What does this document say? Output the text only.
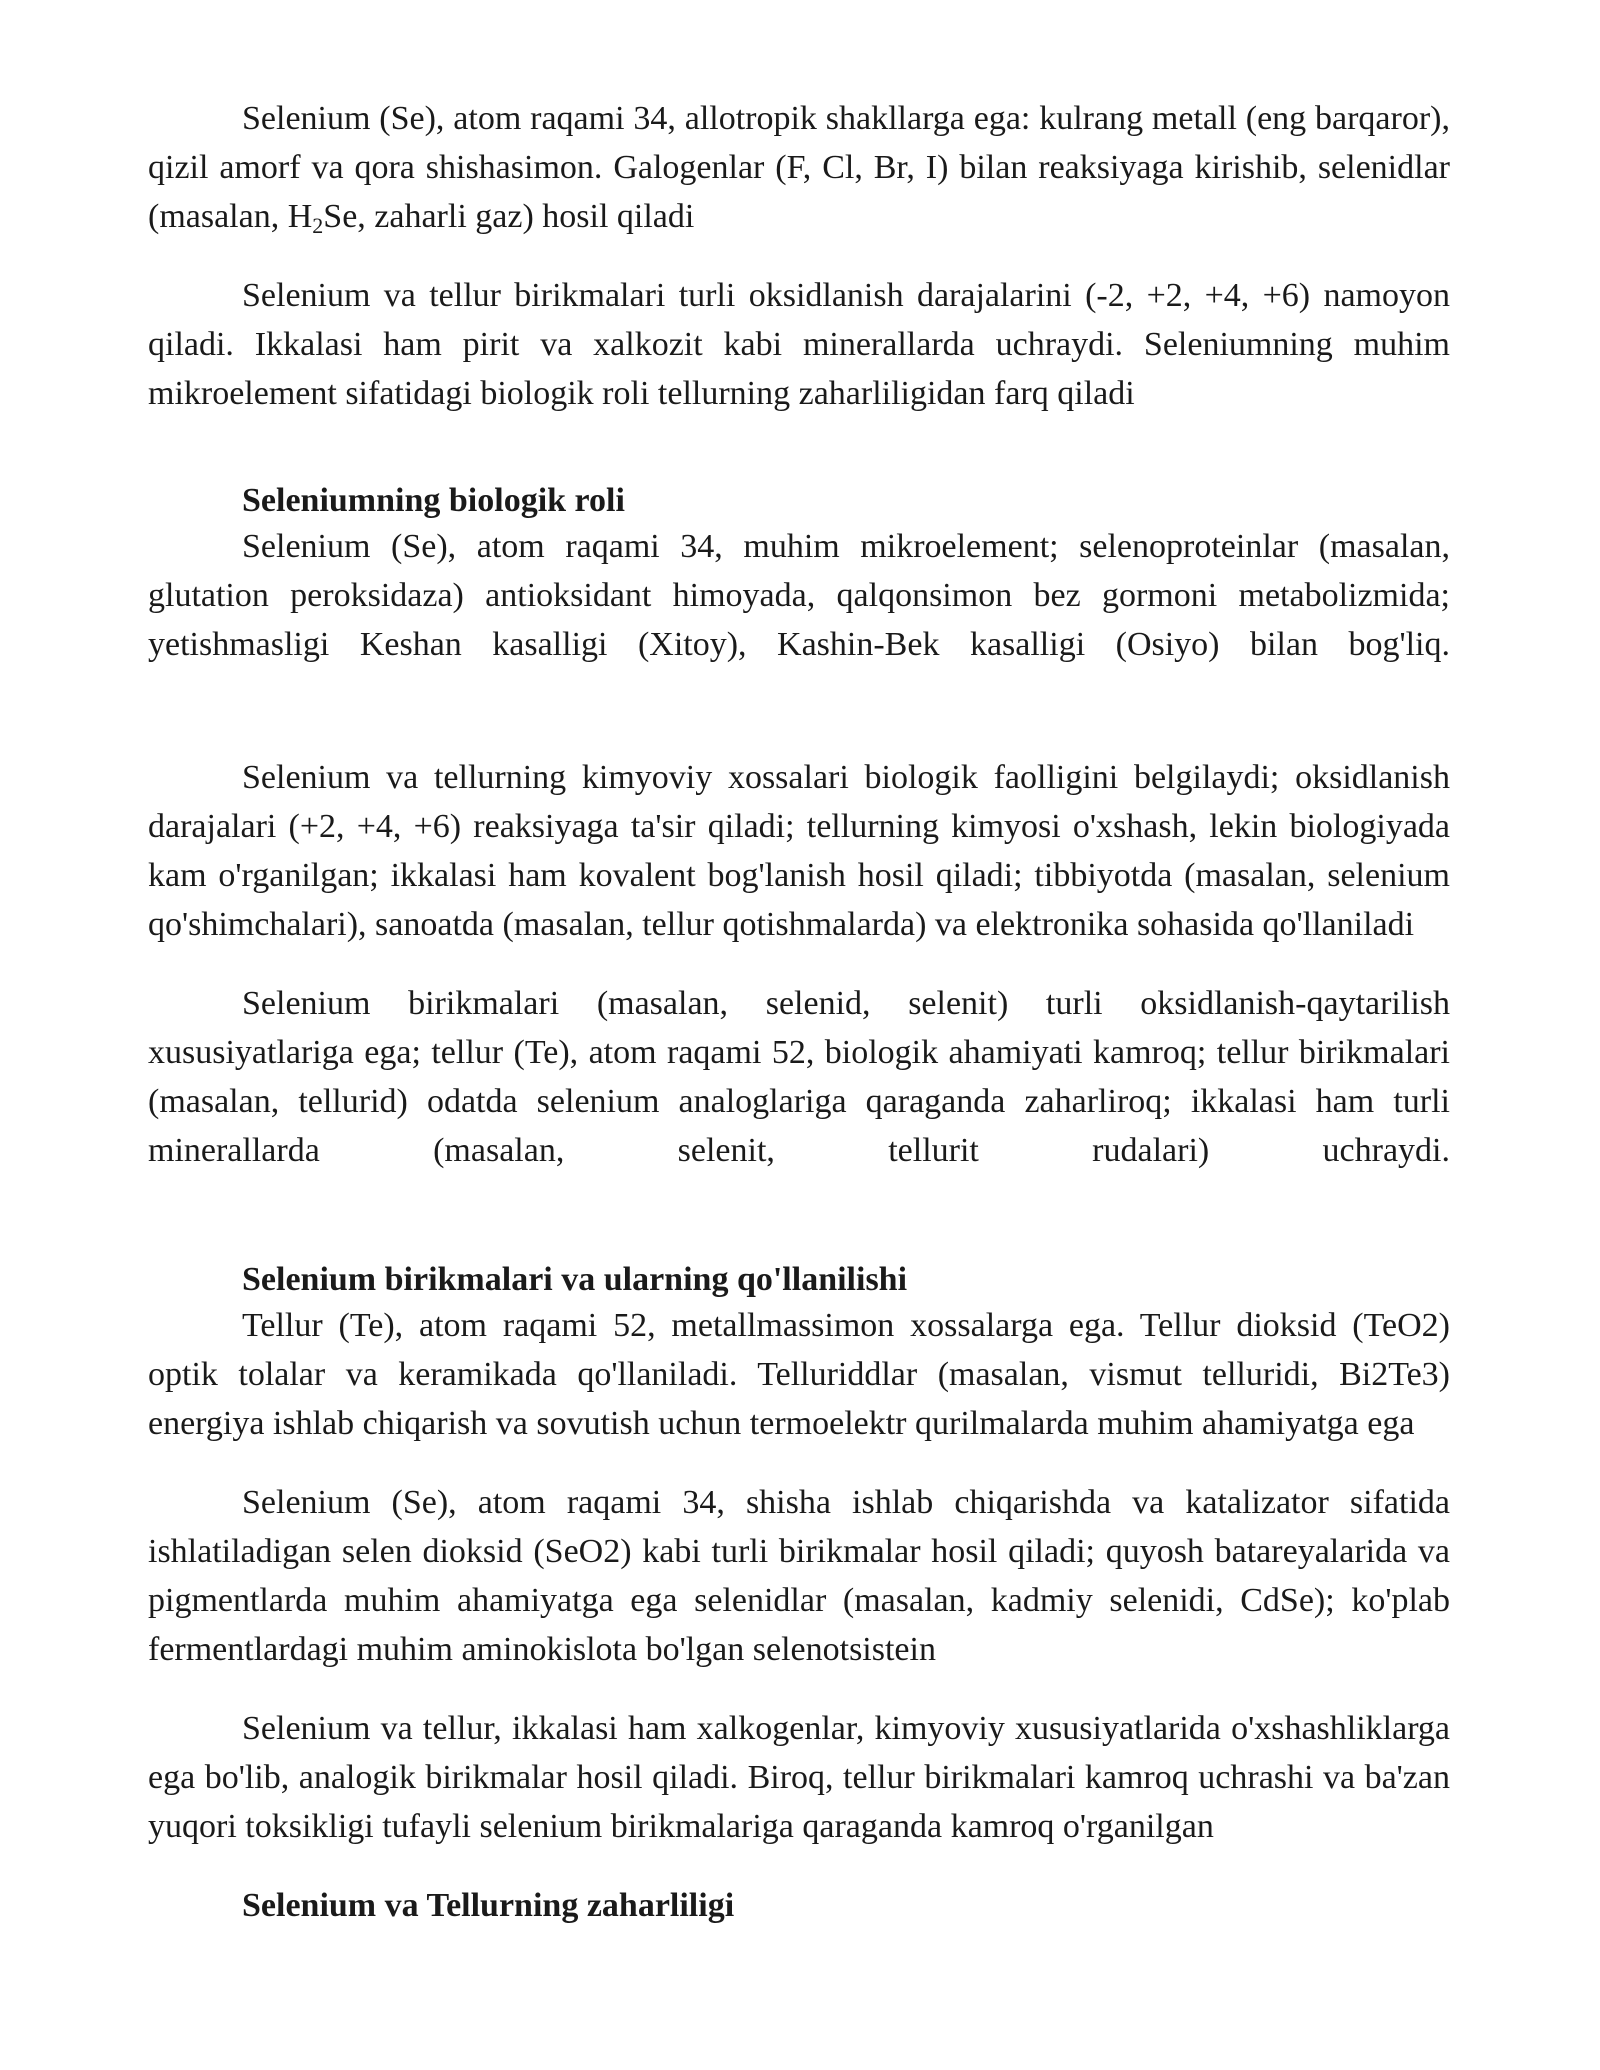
Selenium (Se), atom raqami 34, allotropik shakllarga ega: kulrang metall (eng barqaror), qizil amorf va qora shishasimon. Galogenlar (F, Cl, Br, I) bilan reaksiyaga kirishib, selenidlar (masalan, $H_2Se$, zaharli gaz) hosil qiladi

Selenium va tellur birikmalari turli oksidlanish darajalarini (-2, +2, +4, +6) namoyon qiladi. Ikkalasi ham pirit va xalkozit kabi minerallarda uchraydi. Seleniumning muhim mikroelement sifatidagi biologik roli tellurning zaharliligidan farq qiladi

Seleniumning biologik roli

Selenium (Se), atom raqami 34, muhim mikroelement; selenoproteinlar (masalan, glutation peroksidaza) antioksidant himoyada, qalqonsimon bez gormoni metabolizmida; yetishmasligi Keshan kasalligi (Xitoy), Kashin-Bek kasalligi (Osiyo) bilan bog'liq.

Selenium va tellurning kimyoviy xossalari biologik faolligini belgilaydi; oksidlanish darajalari (+2, +4, +6) reaksiyaga ta'sir qiladi; tellurning kimyosi o'xshash, lekin biologiyada kam o'rganilgan; ikkalasi ham kovalent bog'lanish hosil qiladi; tibbiyotda (masalan, selenium qo'shimchalari), sanoatda (masalan, tellur qotishmalarda) va elektronika sohasida qo'llaniladi

Selenium birikmalari (masalan, selenid, selenit) turli oksidlanish-qaytarilish xususiyatlariga ega; tellur (Te), atom raqami 52, biologik ahamiyati kamroq; tellur birikmalari (masalan, tellurid) odatda selenium analoglariga qaraganda zaharliroq; ikkalasi ham turli minerallarda (masalan, selenit, tellurit rudalari) uchraydi.

Selenium birikmalari va ularning qo'llanilishi

Tellur (Te), atom raqami 52, metallmassimon xossalarga ega. Tellur dioksid (TeO2) optik tolalar va keramikada qo'llaniladi. Telluriddlar (masalan, vismut telluridi, Bi2Te3) energiya ishlab chiqarish va sovutish uchun termoelektr qurilmalarda muhim ahamiyatga ega

Selenium (Se), atom raqami 34, shisha ishlab chiqarishda va katalizator sifatida ishlatiladigan selen dioksid (SeO2) kabi turli birikmalar hosil qiladi; quyosh batareyalarida va pigmentlarda muhim ahamiyatga ega selenidlar (masalan, kadmiy selenidi, CdSe); ko'plab fermentlardagi muhim aminokislota bo'lgan selenotsistein

Selenium va tellur, ikkalasi ham xalkogenlar, kimyoviy xususiyatlarida o'xshashliklarga ega bo'lib, analogik birikmalar hosil qiladi. Biroq, tellur birikmalari kamroq uchrashi va ba'zan yuqori toksikligi tufayli selenium birikmalariga qaraganda kamroq o'rganilgan

Selenium va Tellurning zaharliligi
